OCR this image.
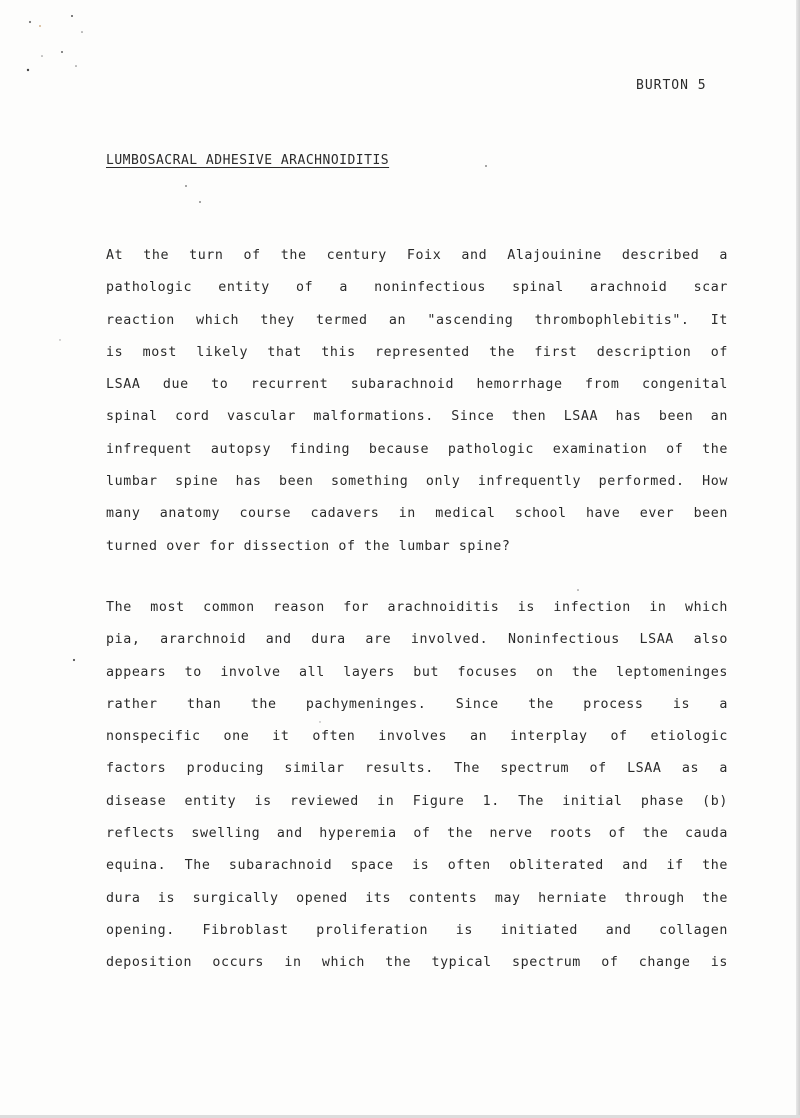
BURTON 5
LUMBOSACRAL ADHESIVE ARACHNOIDITIS
At the turn of the century Foix and Alajouinine described a
pathologic entity of a noninfectious spinal arachnoid scar
reaction which they termed an "ascending thrombophlebitis". It
is most likely that this represented the first description of
LSAA due to recurrent subarachnoid hemorrhage from congenital
spinal cord vascular malformations. Since then LSAA has been an
infrequent autopsy finding because pathologic examination of the
lumbar spine has been something only infrequently performed. How
many anatomy course cadavers in medical school have ever been
turned over for dissection of the lumbar spine?
The most common reason for arachnoiditis is infection in which
pia, ararchnoid and dura are involved. Noninfectious LSAA also
appears to involve all layers but focuses on the leptomeninges
rather than the pachymeninges. Since the process is a
nonspecific one it often involves an interplay of etiologic
factors producing similar results. The spectrum of LSAA as a
disease entity is reviewed in Figure 1. The initial phase (b)
reflects swelling and hyperemia of the nerve roots of the cauda
equina. The subarachnoid space is often obliterated and if the
dura is surgically opened its contents may herniate through the
opening. Fibroblast proliferation is initiated and collagen
deposition occurs in which the typical spectrum of change is
